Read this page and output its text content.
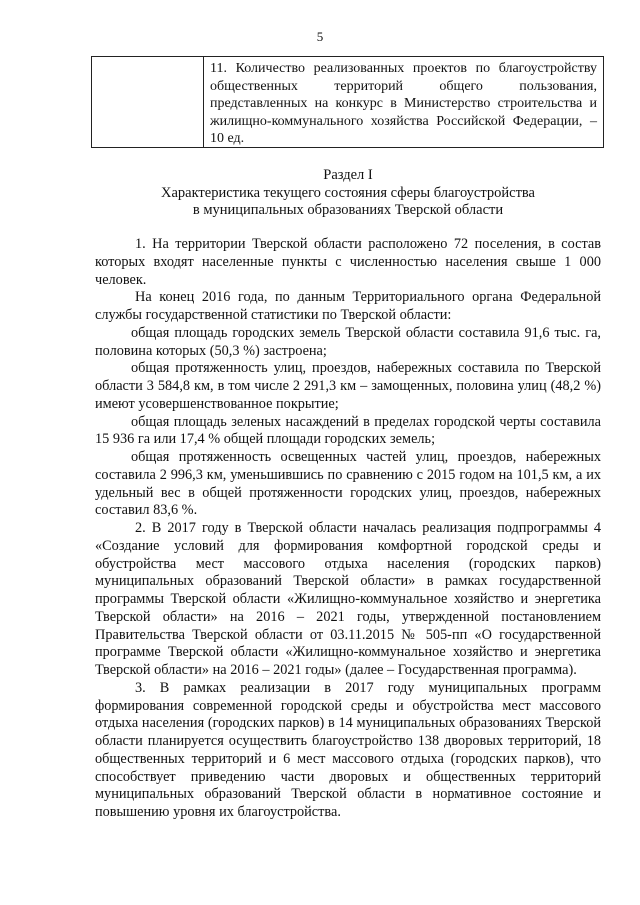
5
11. Количество реализованных проектов по благоустройству общественных территорий общего пользования, представленных на конкурс в Министерство строительства и жилищно-коммунального хозяйства Российской Федерации, – 10 ед.
Раздел I
Характеристика текущего состояния сферы благоустройства
в муниципальных образованиях Тверской области

1. На территории Тверской области расположено 72 поселения, в состав которых входят населенные пункты с численностью населения свыше 1 000 человек.

На конец 2016 года, по данным Территориального органа Федеральной службы государственной статистики по Тверской области:

общая площадь городских земель Тверской области составила 91,6 тыс. га, половина которых (50,3 %) застроена;

общая протяженность улиц, проездов, набережных составила по Тверской области 3 584,8 км, в том числе 2 291,3 км – замощенных, половина улиц (48,2 %) имеют усовершенствованное покрытие;

общая площадь зеленых насаждений в пределах городской черты составила 15 936 га или 17,4 % общей площади городских земель;

общая протяженность освещенных частей улиц, проездов, набережных составила 2 996,3 км, уменьшившись по сравнению с 2015 годом на 101,5 км, а их удельный вес в общей протяженности городских улиц, проездов, набережных составил 83,6 %.

2. В 2017 году в Тверской области началась реализация подпрограммы 4 «Создание условий для формирования комфортной городской среды и обустройства мест массового отдыха населения (городских парков) муниципальных образований Тверской области» в рамках государственной программы Тверской области «Жилищно-коммунальное хозяйство и энергетика Тверской области» на 2016 – 2021 годы, утвержденной постановлением Правительства Тверской области от 03.11.2015 № 505-пп «О государственной программе Тверской области «Жилищно-коммунальное хозяйство и энергетика Тверской области» на 2016 – 2021 годы» (далее – Государственная программа).

3. В рамках реализации в 2017 году муниципальных программ формирования современной городской среды и обустройства мест массового отдыха населения (городских парков) в 14 муниципальных образованиях Тверской области планируется осуществить благоустройство 138 дворовых территорий, 18 общественных территорий и 6 мест массового отдыха (городских парков), что способствует приведению части дворовых и общественных территорий муниципальных образований Тверской области в нормативное состояние и повышению уровня их благоустройства.
